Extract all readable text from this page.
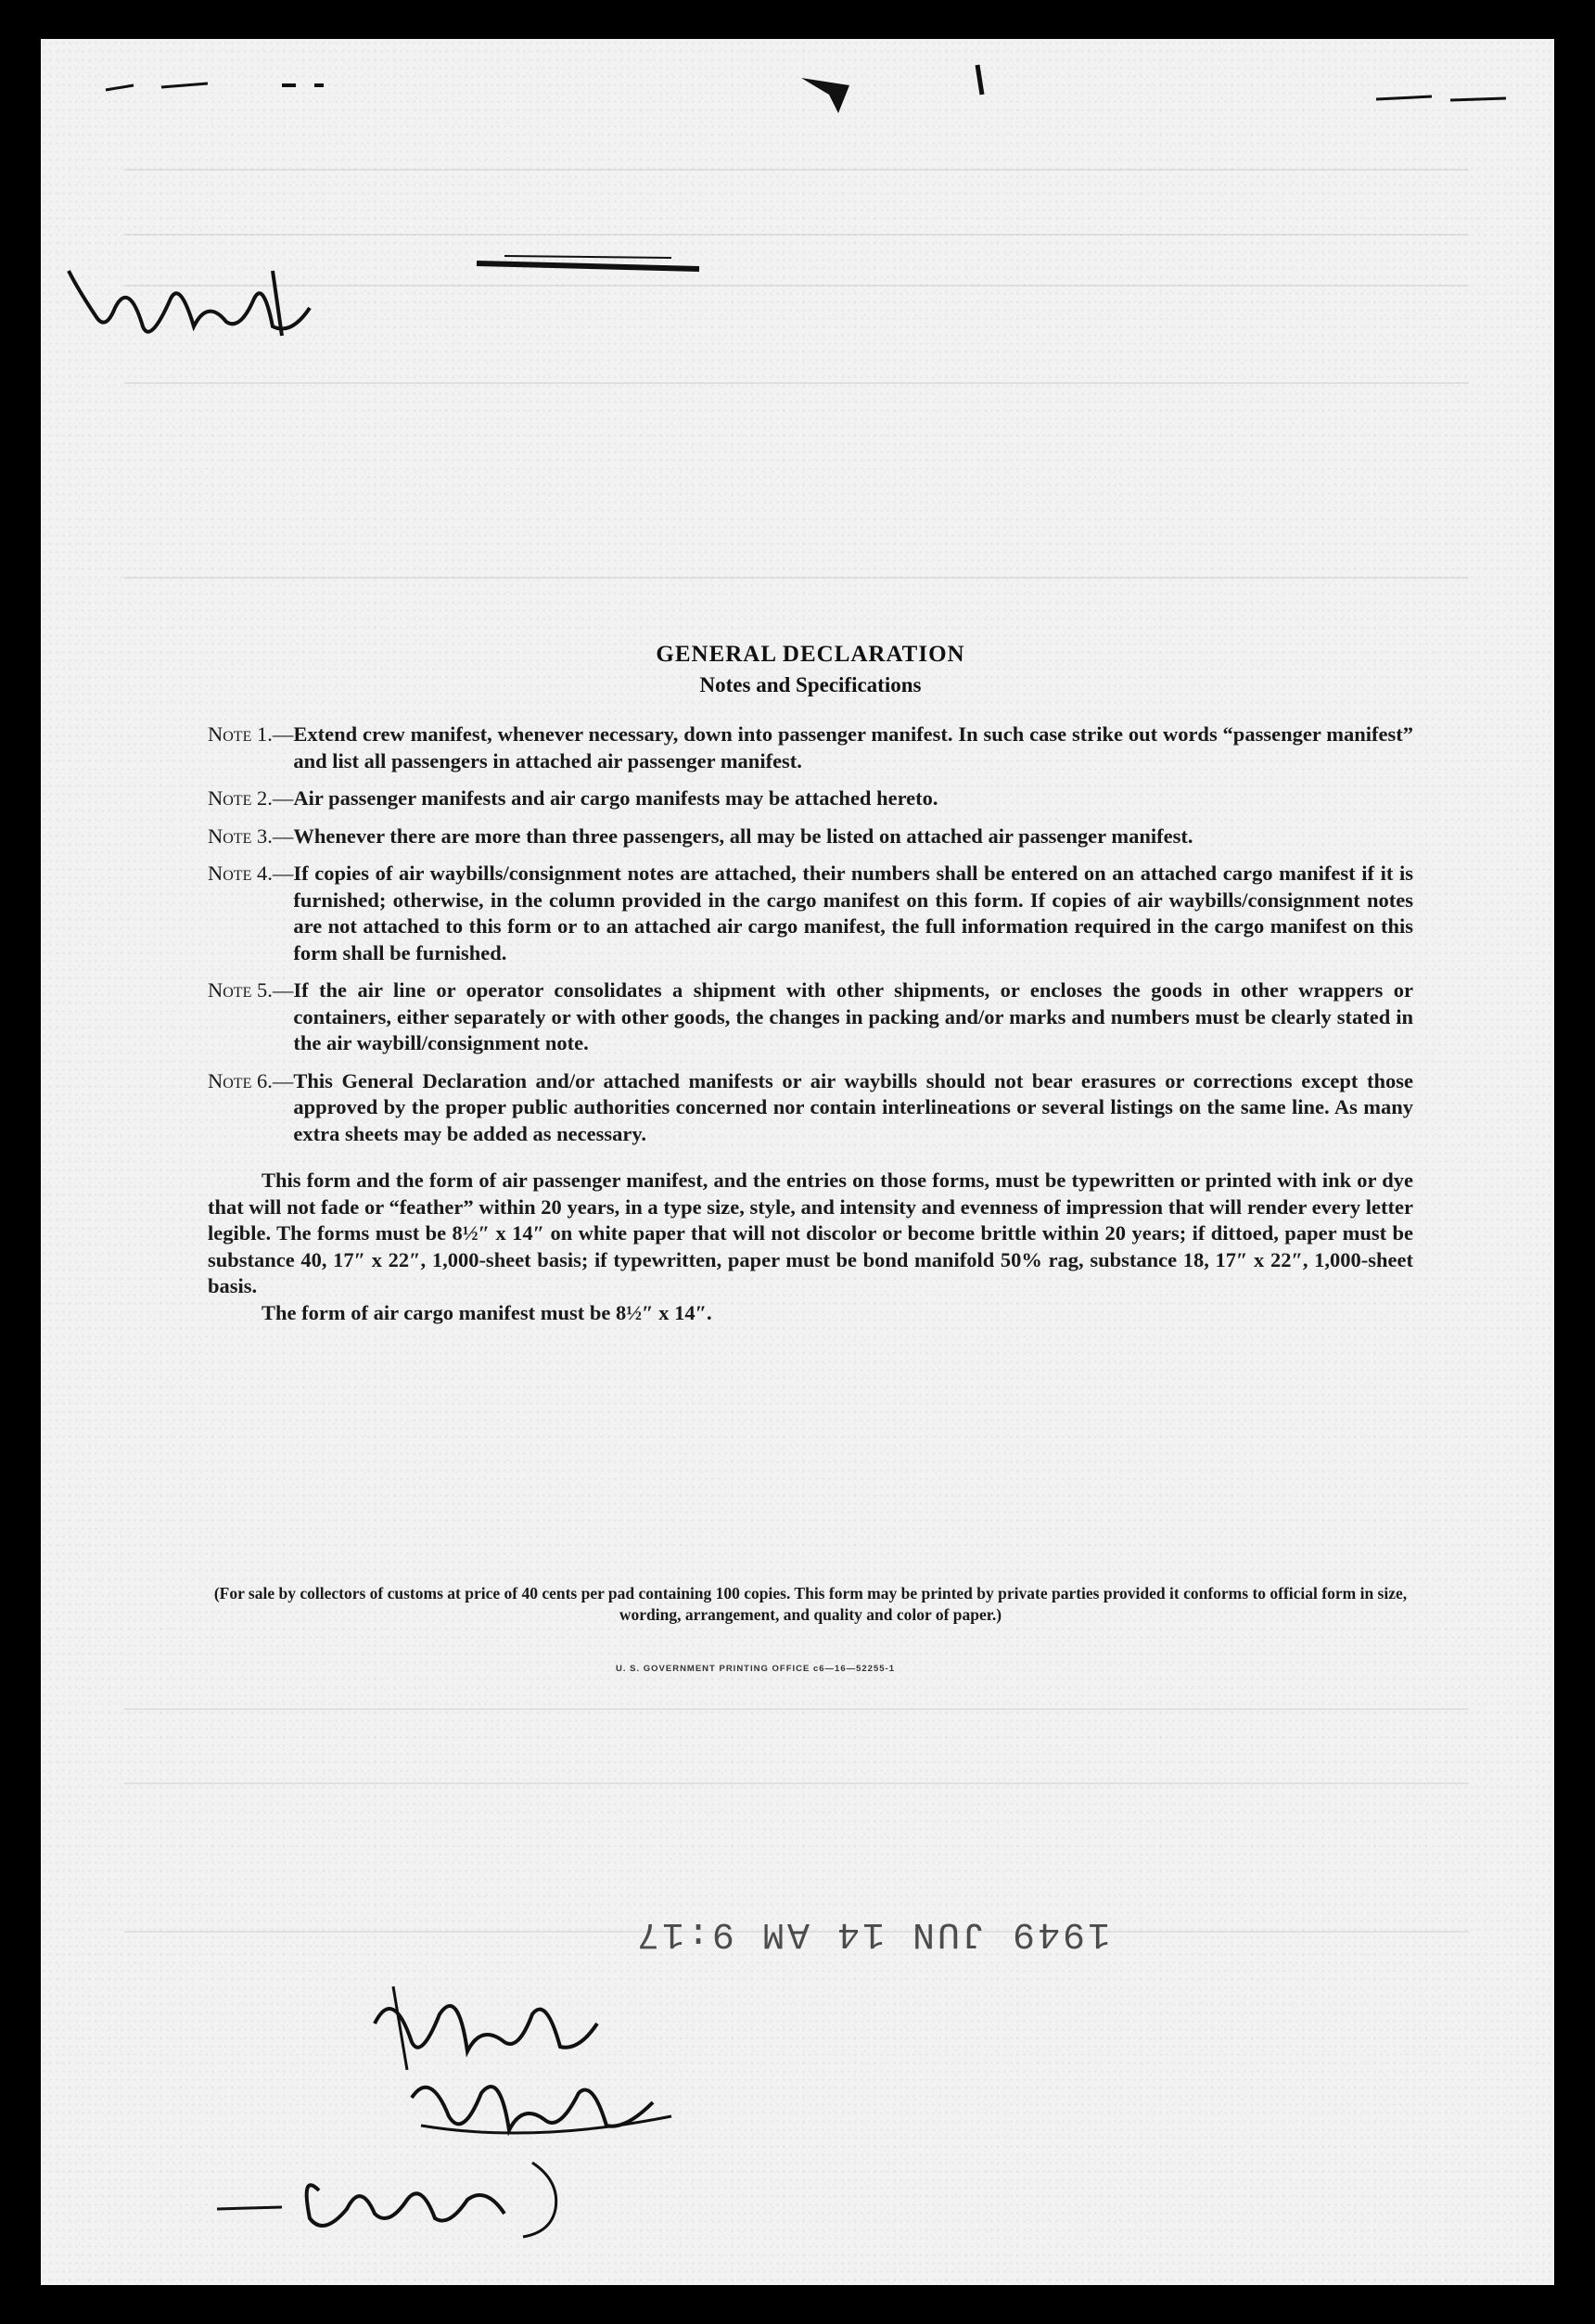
GENERAL DECLARATION
Notes and Specifications
Note 1. — Extend crew manifest, whenever necessary, down into passenger manifest. In such case strike out words “passenger manifest” and list all passengers in attached air passenger manifest.
Note 2. — Air passenger manifests and air cargo manifests may be attached hereto.
Note 3. — Whenever there are more than three passengers, all may be listed on attached air passenger manifest.
Note 4. — If copies of air waybills/consignment notes are attached, their numbers shall be entered on an attached cargo manifest if it is furnished; otherwise, in the column provided in the cargo manifest on this form. If copies of air waybills/consignment notes are not attached to this form or to an attached air cargo manifest, the full information required in the cargo manifest on this form shall be furnished.
Note 5. — If the air line or operator consolidates a shipment with other shipments, or encloses the goods in other wrappers or containers, either separately or with other goods, the changes in packing and/or marks and numbers must be clearly stated in the air waybill/consignment note.
Note 6. — This General Declaration and/or attached manifests or air waybills should not bear erasures or corrections except those approved by the proper public authorities concerned nor contain interlineations or several listings on the same line. As many extra sheets may be added as necessary.
This form and the form of air passenger manifest, and the entries on those forms, must be typewritten or printed with ink or dye that will not fade or “feather” within 20 years, in a type size, style, and intensity and evenness of impression that will render every letter legible. The forms must be 8½″ x 14″ on white paper that will not discolor or become brittle within 20 years; if dittoed, paper must be substance 40, 17″ x 22″, 1,000-sheet basis; if typewritten, paper must be bond manifold 50% rag, substance 18, 17″ x 22″, 1,000-sheet basis.
The form of air cargo manifest must be 8½″ x 14″.
(For sale by collectors of customs at price of 40 cents per pad containing 100 copies. This form may be printed by private parties provided it conforms to official form in size, wording, arrangement, and quality and color of paper.)
U. S. GOVERNMENT PRINTING OFFICE c6—16—52255-1
1949 JUN 14 AM 9:17
